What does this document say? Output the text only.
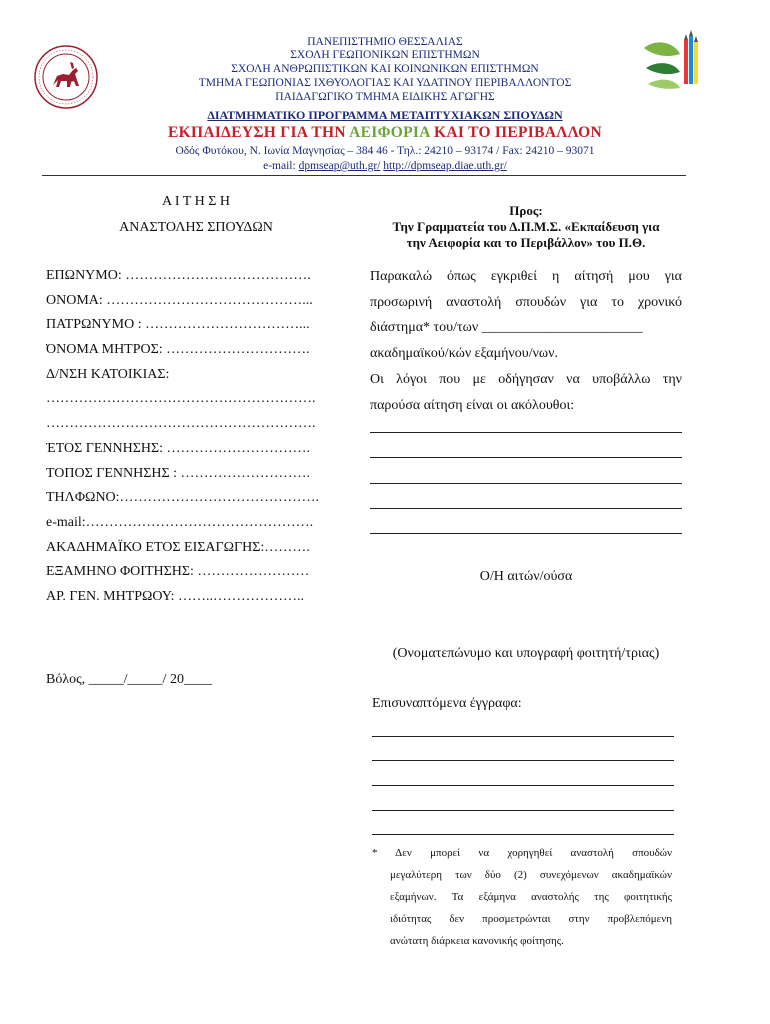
ΠΑΝΕΠΙΣΤΗΜΙΟ ΘΕΣΣΑΛΙΑΣ
ΣΧΟΛΗ ΓΕΩΠΟΝΙΚΩΝ ΕΠΙΣΤΗΜΩΝ
ΣΧΟΛΗ ΑΝΘΡΩΠΙΣΤΙΚΩΝ ΚΑΙ ΚΟΙΝΩΝΙΚΩΝ ΕΠΙΣΤΗΜΩΝ
ΤΜΗΜΑ ΓΕΩΠΟΝΙΑΣ ΙΧΘΥΟΛΟΓΙΑΣ ΚΑΙ ΥΔΑΤΙΝΟΥ ΠΕΡΙΒΑΛΛΟΝΤΟΣ
ΠΑΙΔΑΓΩΓΙΚΟ ΤΜΗΜΑ ΕΙΔΙΚΗΣ ΑΓΩΓΗΣ
ΔΙΑΤΜΗΜΑΤΙΚΟ ΠΡΟΓΡΑΜΜΑ ΜΕΤΑΠΤΥΧΙΑΚΩΝ ΣΠΟΥΔΩΝ
ΕΚΠΑΙΔΕΥΣΗ ΓΙΑ ΤΗΝ ΑΕΙΦΟΡΙΑ ΚΑΙ ΤΟ ΠΕΡΙΒΑΛΛΟΝ
Οδός Φυτόκου, Ν. Ιωνία Μαγνησίας – 384 46 - Τηλ.: 24210 – 93174 / Fax: 24210 – 93071
e-mail: dpmseap@uth.gr/ http://dpmseap.diae.uth.gr/
Α Ι Τ Η Σ Η
ΑΝΑΣΤΟΛΗΣ ΣΠΟΥΔΩΝ
ΕΠΩΝΥΜΟ: ………………………………….
ΟΝΟΜΑ: ……………………………………...
ΠΑΤΡΩΝΥΜΟ : ……………………………...
ΌΝΟΜΑ ΜΗΤΡΟΣ: ………………………….
Δ/ΝΣΗ ΚΑΤΟΙΚΙΑΣ:
………………………………………………….
………………………………………………….
ΈΤΟΣ ΓΕΝΝΗΣΗΣ: ………………………….
ΤΟΠΟΣ ΓΕΝΝΗΣΗΣ : ……………………….
ΤΗΛΦΩΝΟ:…………………………………….
e-mail:………………………………………….
ΑΚΑΔΗΜΑΪΚΟ ΕΤΟΣ ΕΙΣΑΓΩΓΗΣ:……….
ΕΞΑΜΗΝΟ ΦΟΙΤΗΣΗΣ: ……………………
ΑΡ. ΓΕΝ. ΜΗΤΡΩΟΥ: ……..………………..
Βόλος, _____/_____/ 20____
Προς:
Την Γραμματεία του Δ.Π.Μ.Σ. «Εκπαίδευση για
την Αειφορία και το Περιβάλλον» του Π.Θ.
Παρακαλώ όπως εγκριθεί η αίτησή μου για
προσωρινή αναστολή σπουδών για το χρονικό
διάστημα* του/των _______________________
ακαδημαϊκού/κών εξαμήνου/νων.
Οι λόγοι που με οδήγησαν να υποβάλλω την
παρούσα αίτηση είναι οι ακόλουθοι:
Ο/Η αιτών/ούσα
(Ονοματεπώνυμο και υπογραφή φοιτητή/τριας)
Επισυναπτόμενα έγγραφα:
* Δεν μπορεί να χορηγηθεί αναστολή σπουδών
μεγαλύτερη των δύο (2) συνεχόμενων ακαδημαϊκών
εξαμήνων. Τα εξάμηνα αναστολής της φοιτητικής
ιδιότητας δεν προσμετρώνται στην προβλεπόμενη
ανώτατη διάρκεια κανονικής φοίτησης.
